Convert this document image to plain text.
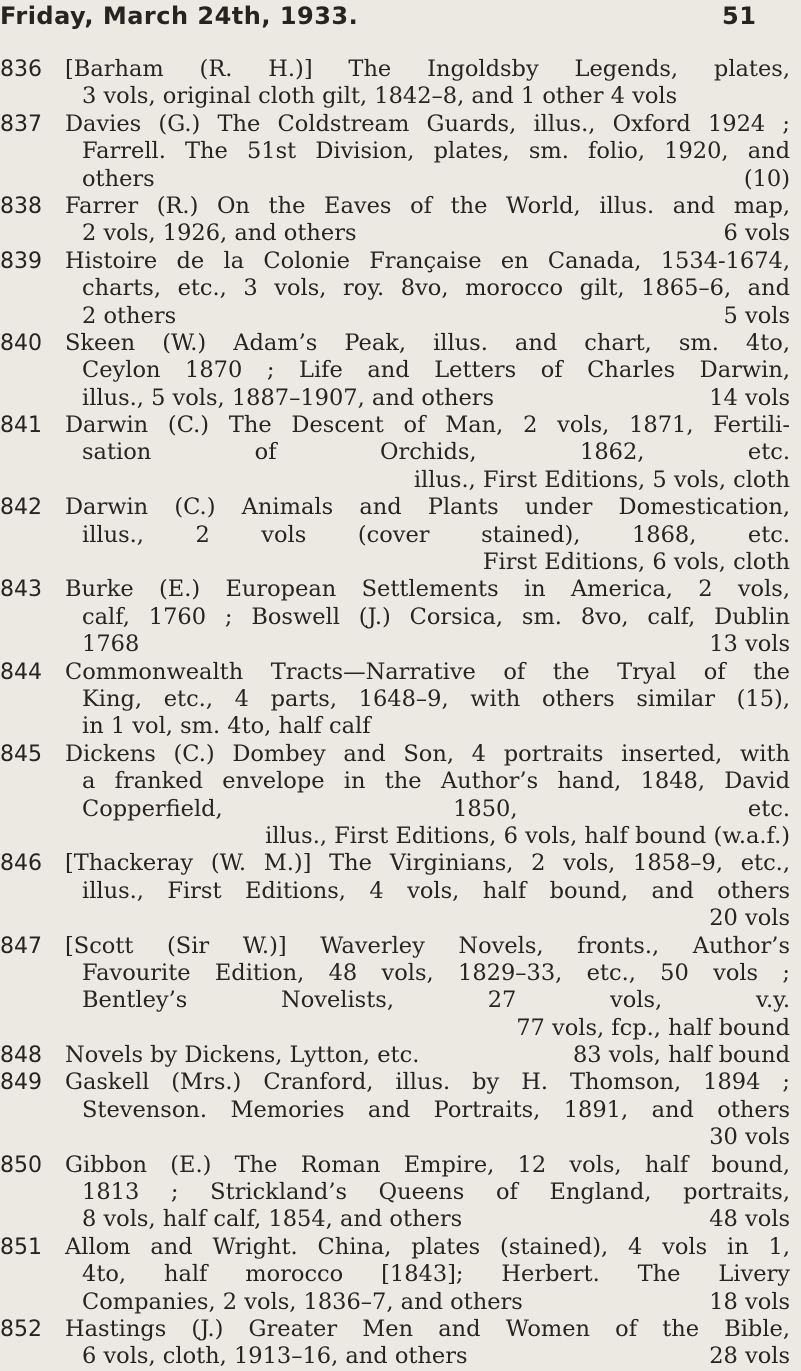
Friday, March 24th, 1933.	51
836 [Barham (R. H.)] The Ingoldsby Legends, plates,
3 vols, original cloth gilt, 1842–8, and 1 other 4 vols
837 Davies (G.) The Coldstream Guards, illus., Oxford 1924 ;
Farrell. The 51st Division, plates, sm. folio, 1920, and
others	(10)
838 Farrer (R.) On the Eaves of the World, illus. and map,
2 vols, 1926, and others	6 vols
839 Histoire de la Colonie Française en Canada, 1534-1674,
charts, etc., 3 vols, roy. 8vo, morocco gilt, 1865–6, and
2 others	5 vols
840 Skeen (W.) Adam’s Peak, illus. and chart, sm. 4to,
Ceylon 1870 ; Life and Letters of Charles Darwin,
illus., 5 vols, 1887–1907, and others	14 vols
841 Darwin (C.) The Descent of Man, 2 vols, 1871, Fertili-
sation of Orchids, 1862, etc.
illus., First Editions, 5 vols, cloth
842 Darwin (C.) Animals and Plants under Domestication,
illus., 2 vols (cover stained), 1868, etc.
First Editions, 6 vols, cloth
843 Burke (E.) European Settlements in America, 2 vols,
calf, 1760 ; Boswell (J.) Corsica, sm. 8vo, calf, Dublin
1768	13 vols
844 Commonwealth Tracts—Narrative of the Tryal of the
King, etc., 4 parts, 1648–9, with others similar (15),
in 1 vol, sm. 4to, half calf
845 Dickens (C.) Dombey and Son, 4 portraits inserted, with
a franked envelope in the Author’s hand, 1848, David
Copperfield, 1850, etc.
illus., First Editions, 6 vols, half bound (w.a.f.)
846 [Thackeray (W. M.)] The Virginians, 2 vols, 1858–9, etc.,
illus., First Editions, 4 vols, half bound, and others
20 vols
847 [Scott (Sir W.)] Waverley Novels, fronts., Author’s
Favourite Edition, 48 vols, 1829–33, etc., 50 vols ;
Bentley’s Novelists, 27 vols, v.y.
77 vols, fcp., half bound
848 Novels by Dickens, Lytton, etc.	83 vols, half bound
849 Gaskell (Mrs.) Cranford, illus. by H. Thomson, 1894 ;
Stevenson. Memories and Portraits, 1891, and others
30 vols
850 Gibbon (E.) The Roman Empire, 12 vols, half bound,
1813 ; Strickland’s Queens of England, portraits,
8 vols, half calf, 1854, and others	48 vols
851 Allom and Wright. China, plates (stained), 4 vols in 1,
4to, half morocco [1843]; Herbert. The Livery
Companies, 2 vols, 1836–7, and others	18 vols
852 Hastings (J.) Greater Men and Women of the Bible,
6 vols, cloth, 1913–16, and others	28 vols
